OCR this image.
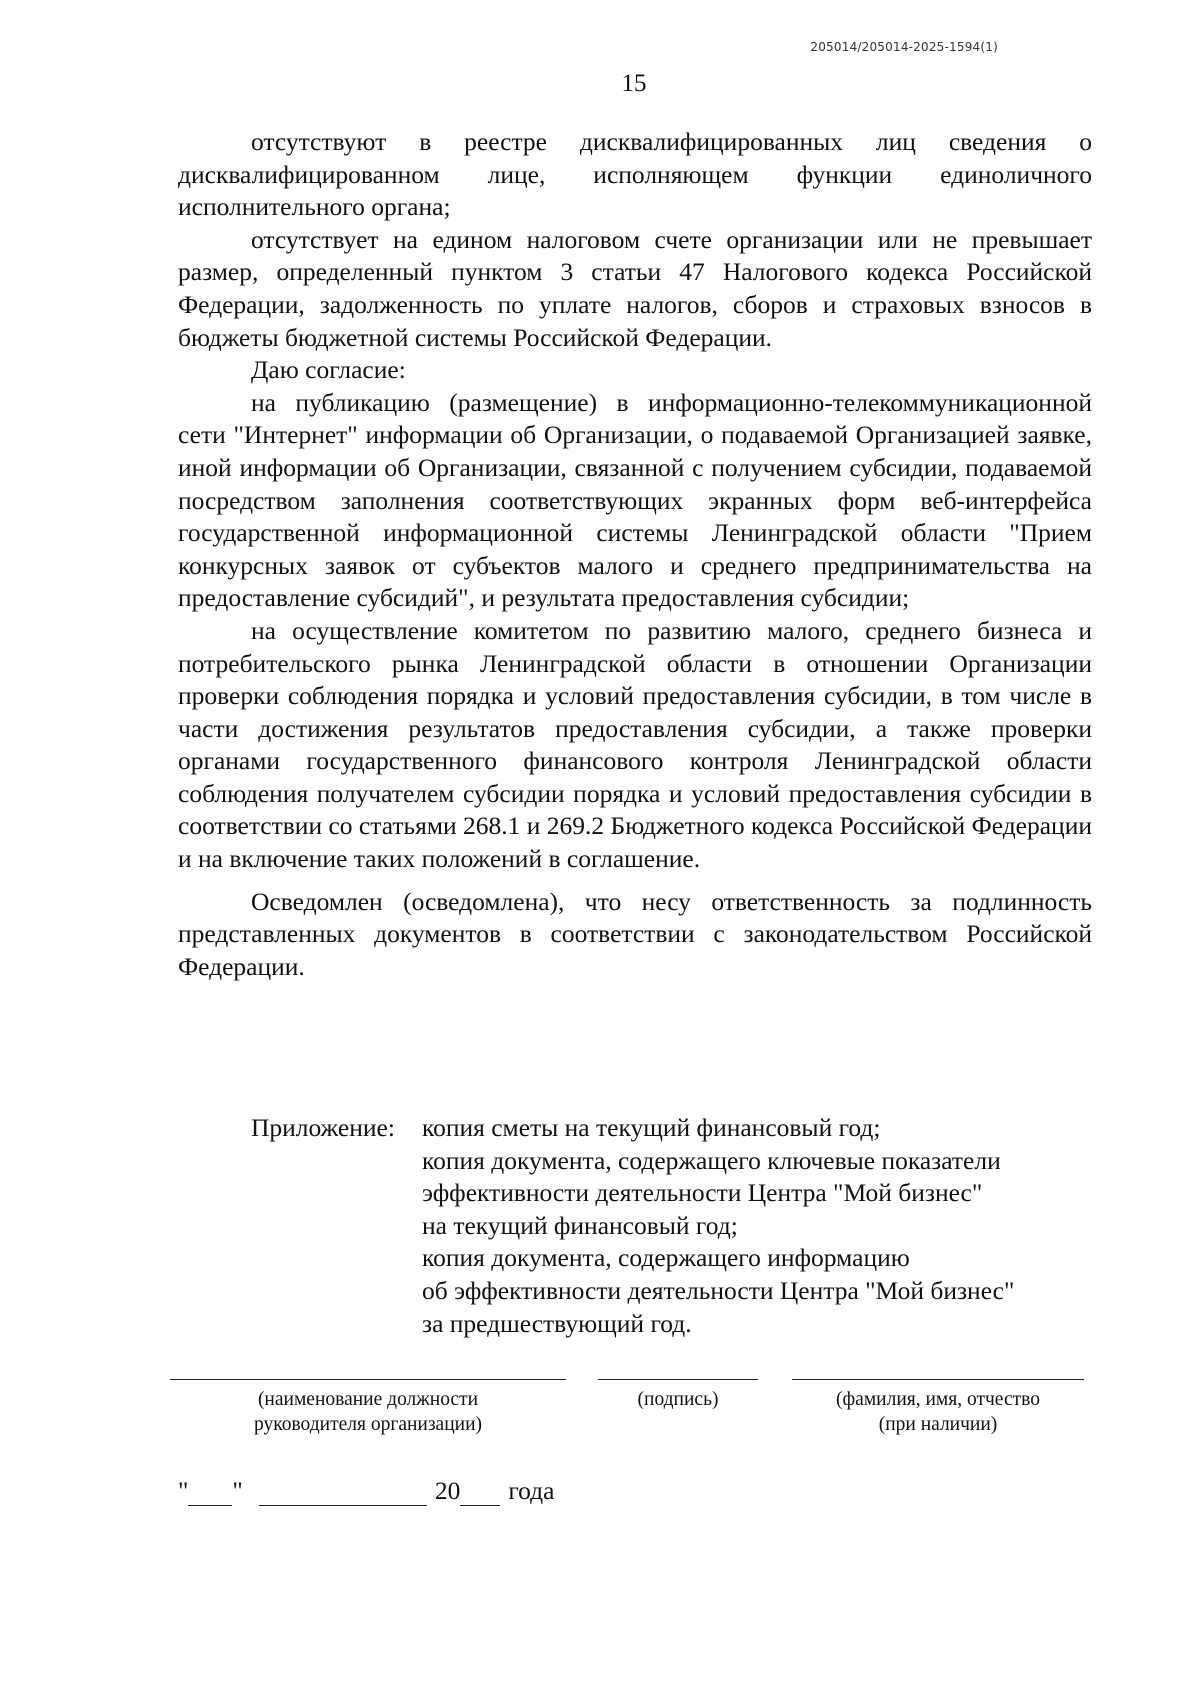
205014/205014-2025-1594(1)
15

отсутствуют в реестре дисквалифицированных лиц сведения о дисквалифицированном лице, исполняющем функции единоличного исполнительного органа;

отсутствует на едином налоговом счете организации или не превышает размер, определенный пунктом 3 статьи 47 Налогового кодекса Российской Федерации, задолженность по уплате налогов, сборов и страховых взносов в бюджеты бюджетной системы Российской Федерации.

Даю согласие:

на публикацию (размещение) в информационно-телекоммуникационной сети "Интернет" информации об Организации, о подаваемой Организацией заявке, иной информации об Организации, связанной с получением субсидии, подаваемой посредством заполнения соответствующих экранных форм веб-интерфейса государственной информационной системы Ленинградской области "Прием конкурсных заявок от субъектов малого и среднего предпринимательства на предоставление субсидий", и результата предоставления субсидии;

на осуществление комитетом по развитию малого, среднего бизнеса и потребительского рынка Ленинградской области в отношении Организации проверки соблюдения порядка и условий предоставления субсидии, в том числе в части достижения результатов предоставления субсидии, а также проверки органами государственного финансового контроля Ленинградской области соблюдения получателем субсидии порядка и условий предоставления субсидии в соответствии со статьями 268.1 и 269.2 Бюджетного кодекса Российской Федерации и на включение таких положений в соглашение.

Осведомлен (осведомлена), что несу ответственность за подлинность представленных документов в соответствии с законодательством Российской Федерации.

Приложение:	копия сметы на текущий финансовый год;
копия документа, содержащего ключевые показатели
эффективности деятельности Центра "Мой бизнес"
на текущий финансовый год;
копия документа, содержащего информацию
об эффективности деятельности Центра "Мой бизнес"
за предшествующий год.
(наименование должности
руководителя организации)
(подпись)	(фамилия, имя, отчество
(при наличии)
" "	20 года
